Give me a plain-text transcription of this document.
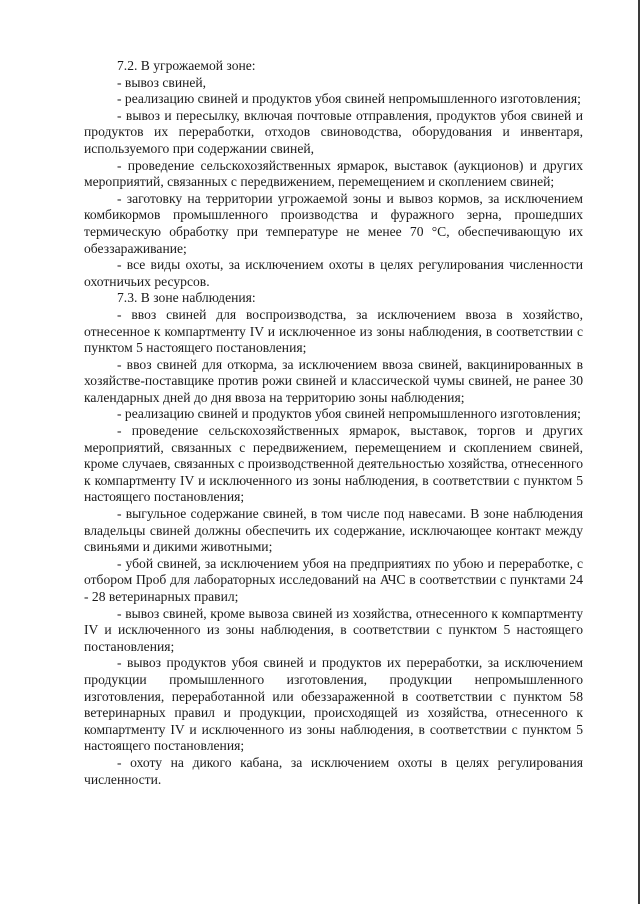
7.2. В угрожаемой зоне:

- вывоз свиней,

- реализацию свиней и продуктов убоя свиней непромышленного изготовления;

- вывоз и пересылку, включая почтовые отправления, продуктов убоя свиней и продуктов их переработки, отходов свиноводства, оборудования и инвентаря, используемого при содержании свиней,

- проведение сельскохозяйственных ярмарок, выставок (аукционов) и других мероприятий, связанных с передвижением, перемещением и скоплением свиней;

- заготовку на территории угрожаемой зоны и вывоз кормов, за исключением комбикормов промышленного производства и фуражного зерна, прошедших термическую обработку при температуре не менее 70 °С, обеспечивающую их обеззараживание;

- все виды охоты, за исключением охоты в целях регулирования численности охотничьих ресурсов.

7.3. В зоне наблюдения:

- ввоз свиней для воспроизводства, за исключением ввоза в хозяйство, отнесенное к компартменту IV и исключенное из зоны наблюдения, в соответствии с пунктом 5 настоящего постановления;

- ввоз свиней для откорма, за исключением ввоза свиней, вакцинированных в хозяйстве-поставщике против рожи свиней и классической чумы свиней, не ранее 30 календарных дней до дня ввоза на территорию зоны наблюдения;

- реализацию свиней и продуктов убоя свиней непромышленного изготовления;

- проведение сельскохозяйственных ярмарок, выставок, торгов и других мероприятий, связанных с передвижением, перемещением и скоплением свиней, кроме случаев, связанных с производственной деятельностью хозяйства, отнесенного к компартменту IV и исключенного из зоны наблюдения, в соответствии с пунктом 5 настоящего постановления;

- выгульное содержание свиней, в том числе под навесами. В зоне наблюдения владельцы свиней должны обеспечить их содержание, исключающее контакт между свиньями и дикими животными;

- убой свиней, за исключением убоя на предприятиях по убою и переработке, с отбором Проб для лабораторных исследований на АЧС в соответствии с пунктами 24 - 28 ветеринарных правил;

- вывоз свиней, кроме вывоза свиней из хозяйства, отнесенного к компартменту IV и исключенного из зоны наблюдения, в соответствии с пунктом 5 настоящего постановления;

- вывоз продуктов убоя свиней и продуктов их переработки, за исключением продукции промышленного изготовления, продукции непромышленного изготовления, переработанной или обеззараженной в соответствии с пунктом 58 ветеринарных правил и продукции, происходящей из хозяйства, отнесенного к компартменту IV и исключенного из зоны наблюдения, в соответствии с пунктом 5 настоящего постановления;

- охоту на дикого кабана, за исключением охоты в целях регулирования численности.
